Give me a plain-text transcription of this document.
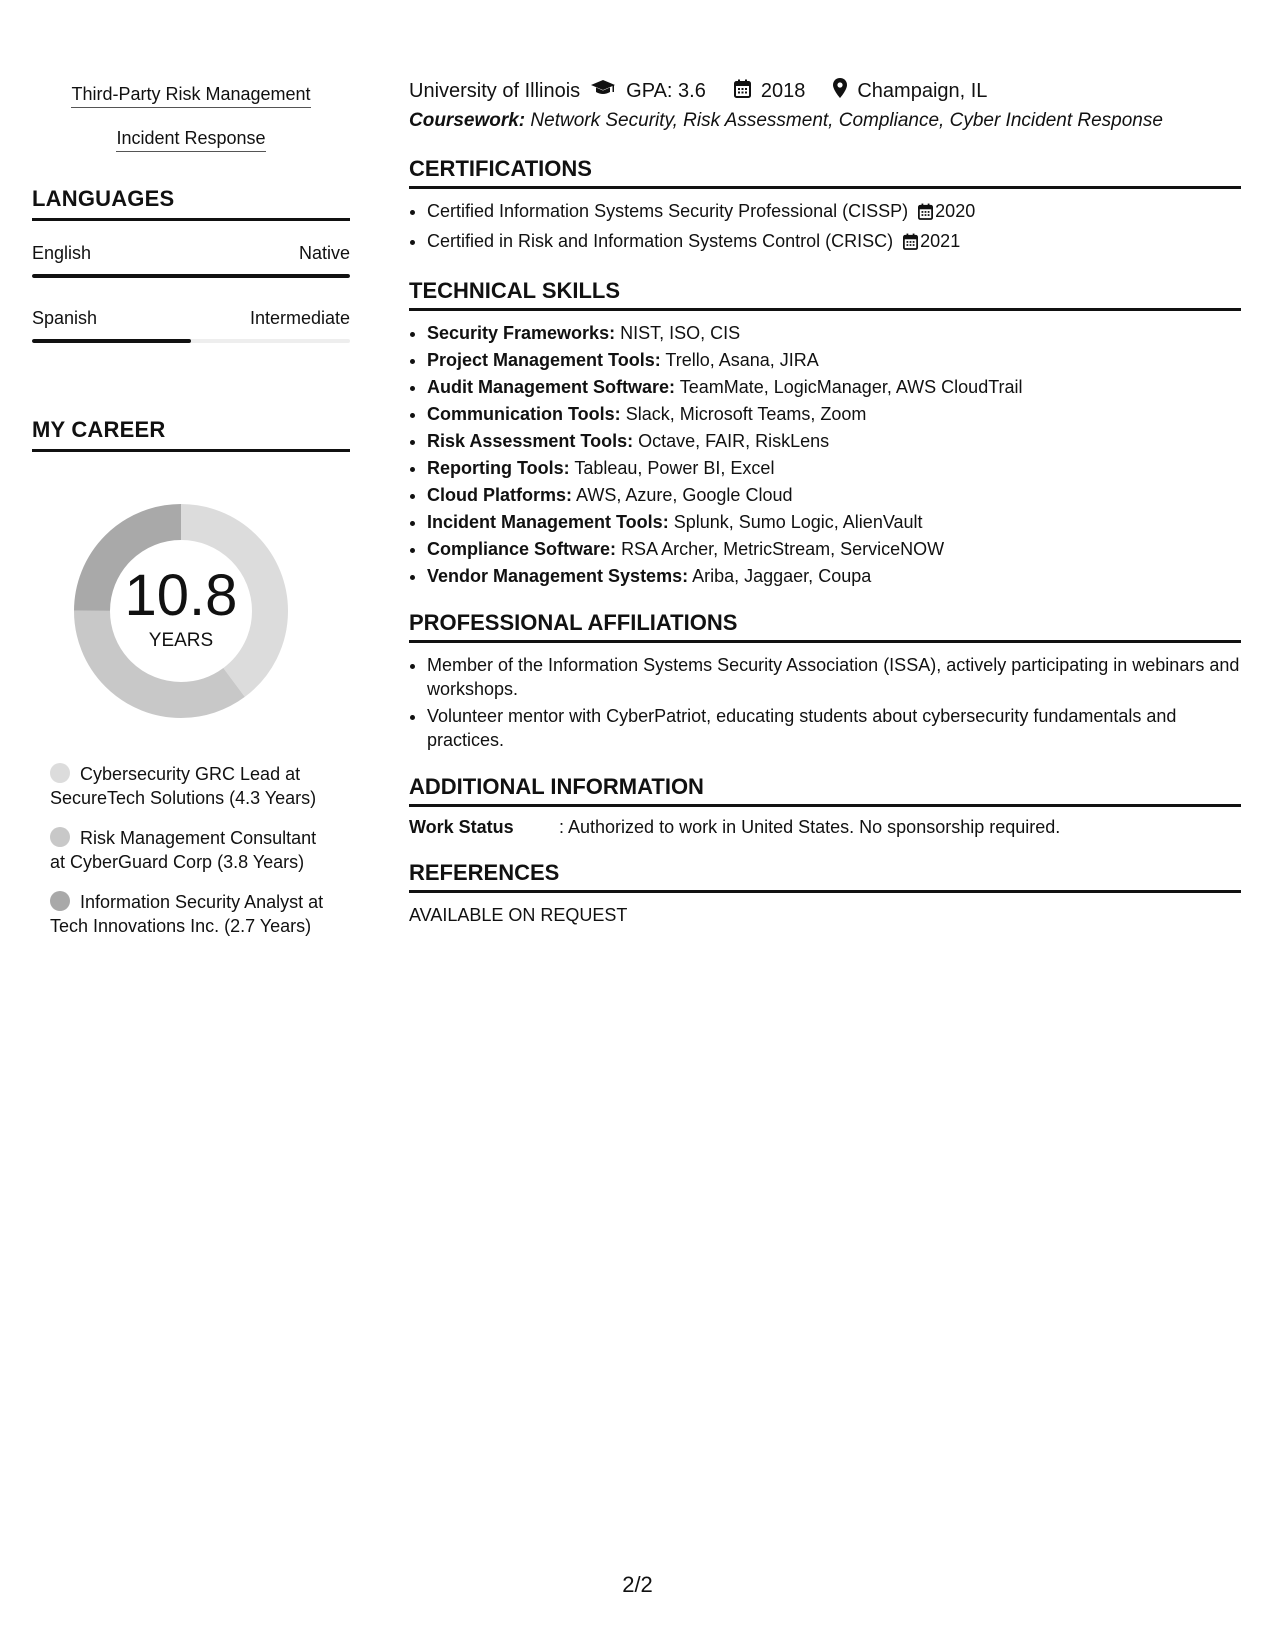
Third-Party Risk Management
Incident Response
LANGUAGES
English	Native
Spanish	Intermediate
MY CAREER
10.8
YEARS
Cybersecurity GRC Lead at SecureTech Solutions (4.3 Years)
Risk Management Consultant at CyberGuard Corp (3.8 Years)
Information Security Analyst at Tech Innovations Inc. (2.7 Years)
University of Illinois GPA: 3.6	2018	Champaign, IL
Coursework: Network Security, Risk Assessment, Compliance, Cyber Incident Response
CERTIFICATIONS
• Certified Information Systems Security Professional (CISSP) 2020
• Certified in Risk and Information Systems Control (CRISC) 2021
TECHNICAL SKILLS
• Security Frameworks: NIST, ISO, CIS
• Project Management Tools: Trello, Asana, JIRA
• Audit Management Software: TeamMate, LogicManager, AWS CloudTrail
• Communication Tools: Slack, Microsoft Teams, Zoom
• Risk Assessment Tools: Octave, FAIR, RiskLens
• Reporting Tools: Tableau, Power BI, Excel
• Cloud Platforms: AWS, Azure, Google Cloud
• Incident Management Tools: Splunk, Sumo Logic, AlienVault
• Compliance Software: RSA Archer, MetricStream, ServiceNOW
• Vendor Management Systems: Ariba, Jaggaer, Coupa
PROFESSIONAL AFFILIATIONS
• Member of the Information Systems Security Association (ISSA), actively participating in webinars and workshops.
• Volunteer mentor with CyberPatriot, educating students about cybersecurity fundamentals and practices.
ADDITIONAL INFORMATION
Work Status	: Authorized to work in United States. No sponsorship required.
REFERENCES
AVAILABLE ON REQUEST
2/2
